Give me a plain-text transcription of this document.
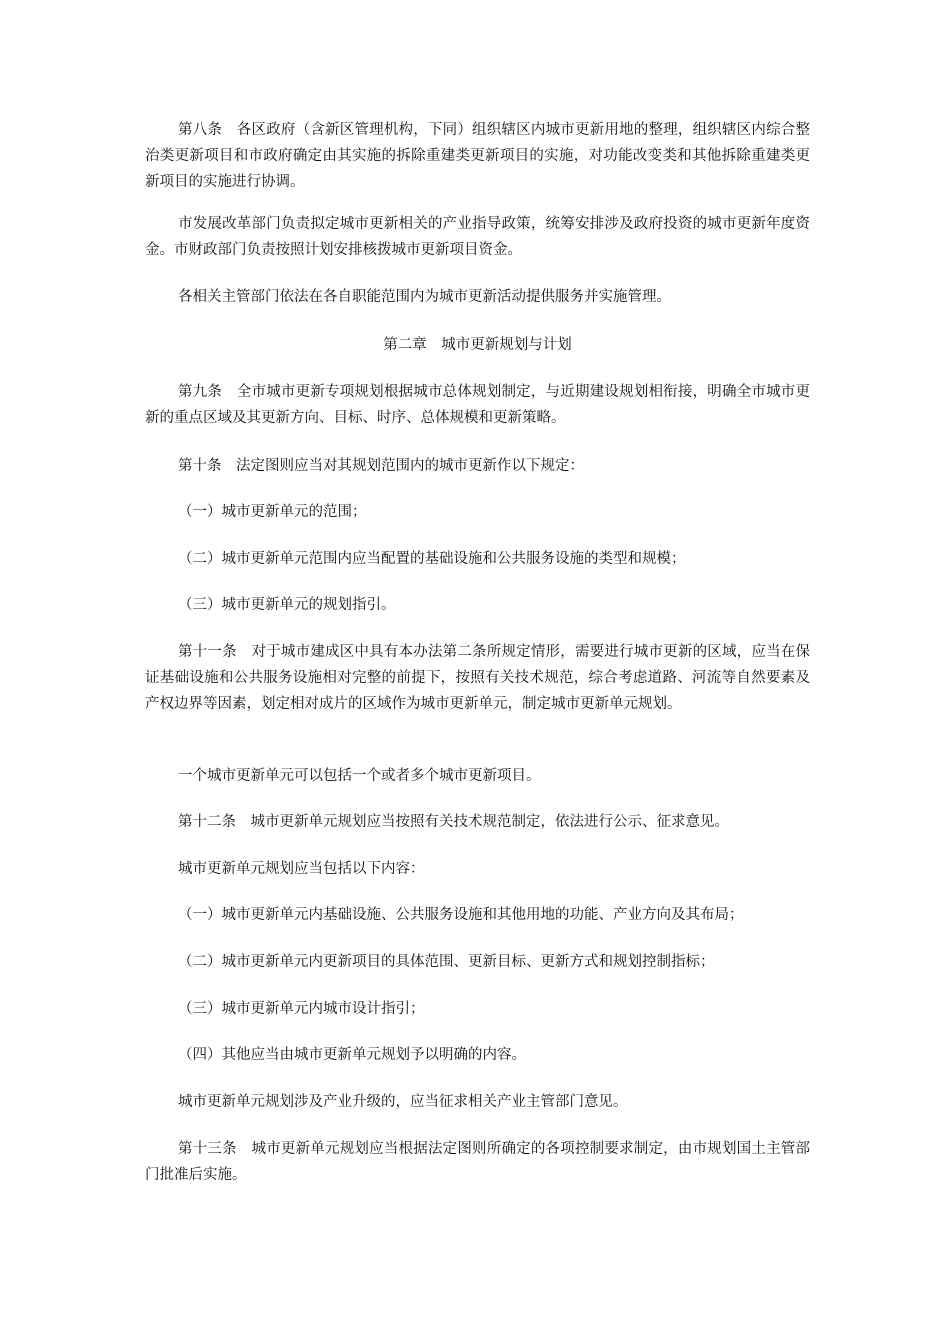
第八条　各区政府（含新区管理机构，下同）组织辖区内城市更新用地的整理，组织辖区内综合整治类更新项目和市政府确定由其实施的拆除重建类更新项目的实施，对功能改变类和其他拆除重建类更新项目的实施进行协调。

市发展改革部门负责拟定城市更新相关的产业指导政策，统筹安排涉及政府投资的城市更新年度资金。市财政部门负责按照计划安排核拨城市更新项目资金。

各相关主管部门依法在各自职能范围内为城市更新活动提供服务并实施管理。

第二章　城市更新规划与计划

第九条　全市城市更新专项规划根据城市总体规划制定，与近期建设规划相衔接，明确全市城市更新的重点区域及其更新方向、目标、时序、总体规模和更新策略。

第十条　法定图则应当对其规划范围内的城市更新作以下规定：

（一）城市更新单元的范围；

（二）城市更新单元范围内应当配置的基础设施和公共服务设施的类型和规模；

（三）城市更新单元的规划指引。

第十一条　对于城市建成区中具有本办法第二条所规定情形，需要进行城市更新的区域，应当在保证基础设施和公共服务设施相对完整的前提下，按照有关技术规范，综合考虑道路、河流等自然要素及产权边界等因素，划定相对成片的区域作为城市更新单元，制定城市更新单元规划。

一个城市更新单元可以包括一个或者多个城市更新项目。

第十二条　城市更新单元规划应当按照有关技术规范制定，依法进行公示、征求意见。

城市更新单元规划应当包括以下内容：

（一）城市更新单元内基础设施、公共服务设施和其他用地的功能、产业方向及其布局；

（二）城市更新单元内更新项目的具体范围、更新目标、更新方式和规划控制指标；

（三）城市更新单元内城市设计指引；

（四）其他应当由城市更新单元规划予以明确的内容。

城市更新单元规划涉及产业升级的，应当征求相关产业主管部门意见。

第十三条　城市更新单元规划应当根据法定图则所确定的各项控制要求制定，由市规划国土主管部门批准后实施。
